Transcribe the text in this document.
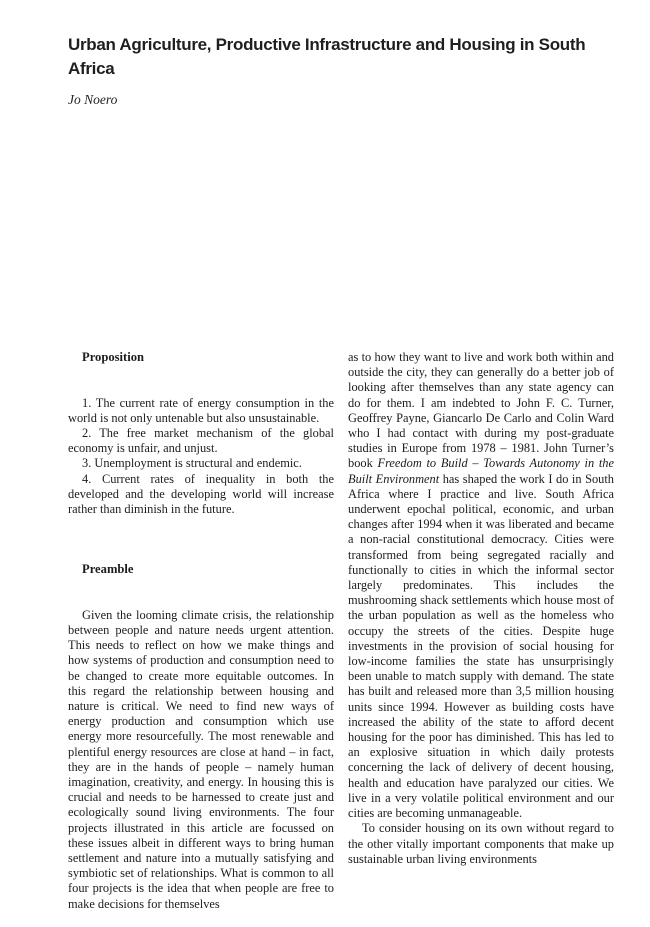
Urban Agriculture, Productive Infrastructure and Housing in South Africa
Jo Noero
Proposition

1. The current rate of energy consumption in the world is not only untenable but also unsustainable.

2. The free market mechanism of the global economy is unfair, and unjust.

3. Unemployment is structural and endemic.

4. Current rates of inequality in both the developed and the developing world will increase rather than diminish in the future.

Preamble

Given the looming climate crisis, the relationship between people and nature needs urgent attention. This needs to reflect on how we make things and how systems of production and consumption need to be changed to create more equitable outcomes. In this regard the relationship between housing and nature is critical. We need to find new ways of energy production and consumption which use energy more resourcefully. The most renewable and plentiful energy resources are close at hand – in fact, they are in the hands of people – namely human imagination, creativity, and energy. In housing this is crucial and needs to be harnessed to create just and ecologically sound living environments. The four projects illustrated in this article are focussed on these issues albeit in different ways to bring human settlement and nature into a mutually satisfying and symbiotic set of relationships. What is common to all four projects is the idea that when people are free to make decisions for themselves

as to how they want to live and work both within and outside the city, they can generally do a better job of looking after themselves than any state agency can do for them. I am indebted to John F. C. Turner, Geoffrey Payne, Giancarlo De Carlo and Colin Ward who I had contact with during my post-graduate studies in Europe from 1978 – 1981. John Turner’s book Freedom to Build – Towards Autonomy in the Built Environment has shaped the work I do in South Africa where I practice and live. South Africa underwent epochal political, economic, and urban changes after 1994 when it was liberated and became a non-racial constitutional democracy. Cities were transformed from being segregated racially and functionally to cities in which the informal sector largely predominates. This includes the mushrooming shack settlements which house most of the urban population as well as the homeless who occupy the streets of the cities. Despite huge investments in the provision of social housing for low-income families the state has unsurprisingly been unable to match supply with demand. The state has built and released more than 3,5 million housing units since 1994. However as building costs have increased the ability of the state to afford decent housing for the poor has diminished. This has led to an explosive situation in which daily protests concerning the lack of delivery of decent housing, health and education have paralyzed our cities. We live in a very volatile political environment and our cities are becoming unmanageable.

To consider housing on its own without regard to the other vitally important components that make up sustainable urban living environments
